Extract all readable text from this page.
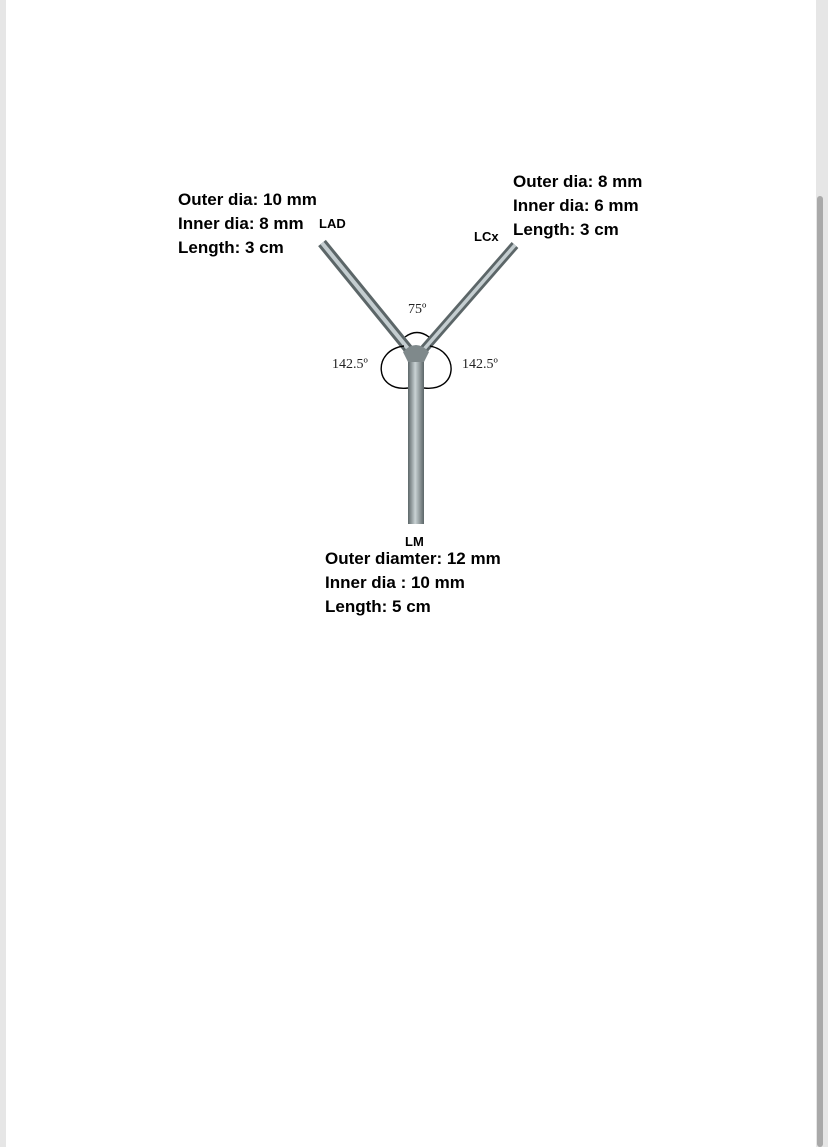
Outer dia: 10 mm
Inner dia: 8 mm
Length: 3 cm
LAD
Outer dia: 8 mm
Inner dia: 6 mm
Length: 3 cm
LCx
LM
Outer diamter: 12 mm
Inner dia : 10 mm
Length: 5 cm
75º
142.5º	142.5º
